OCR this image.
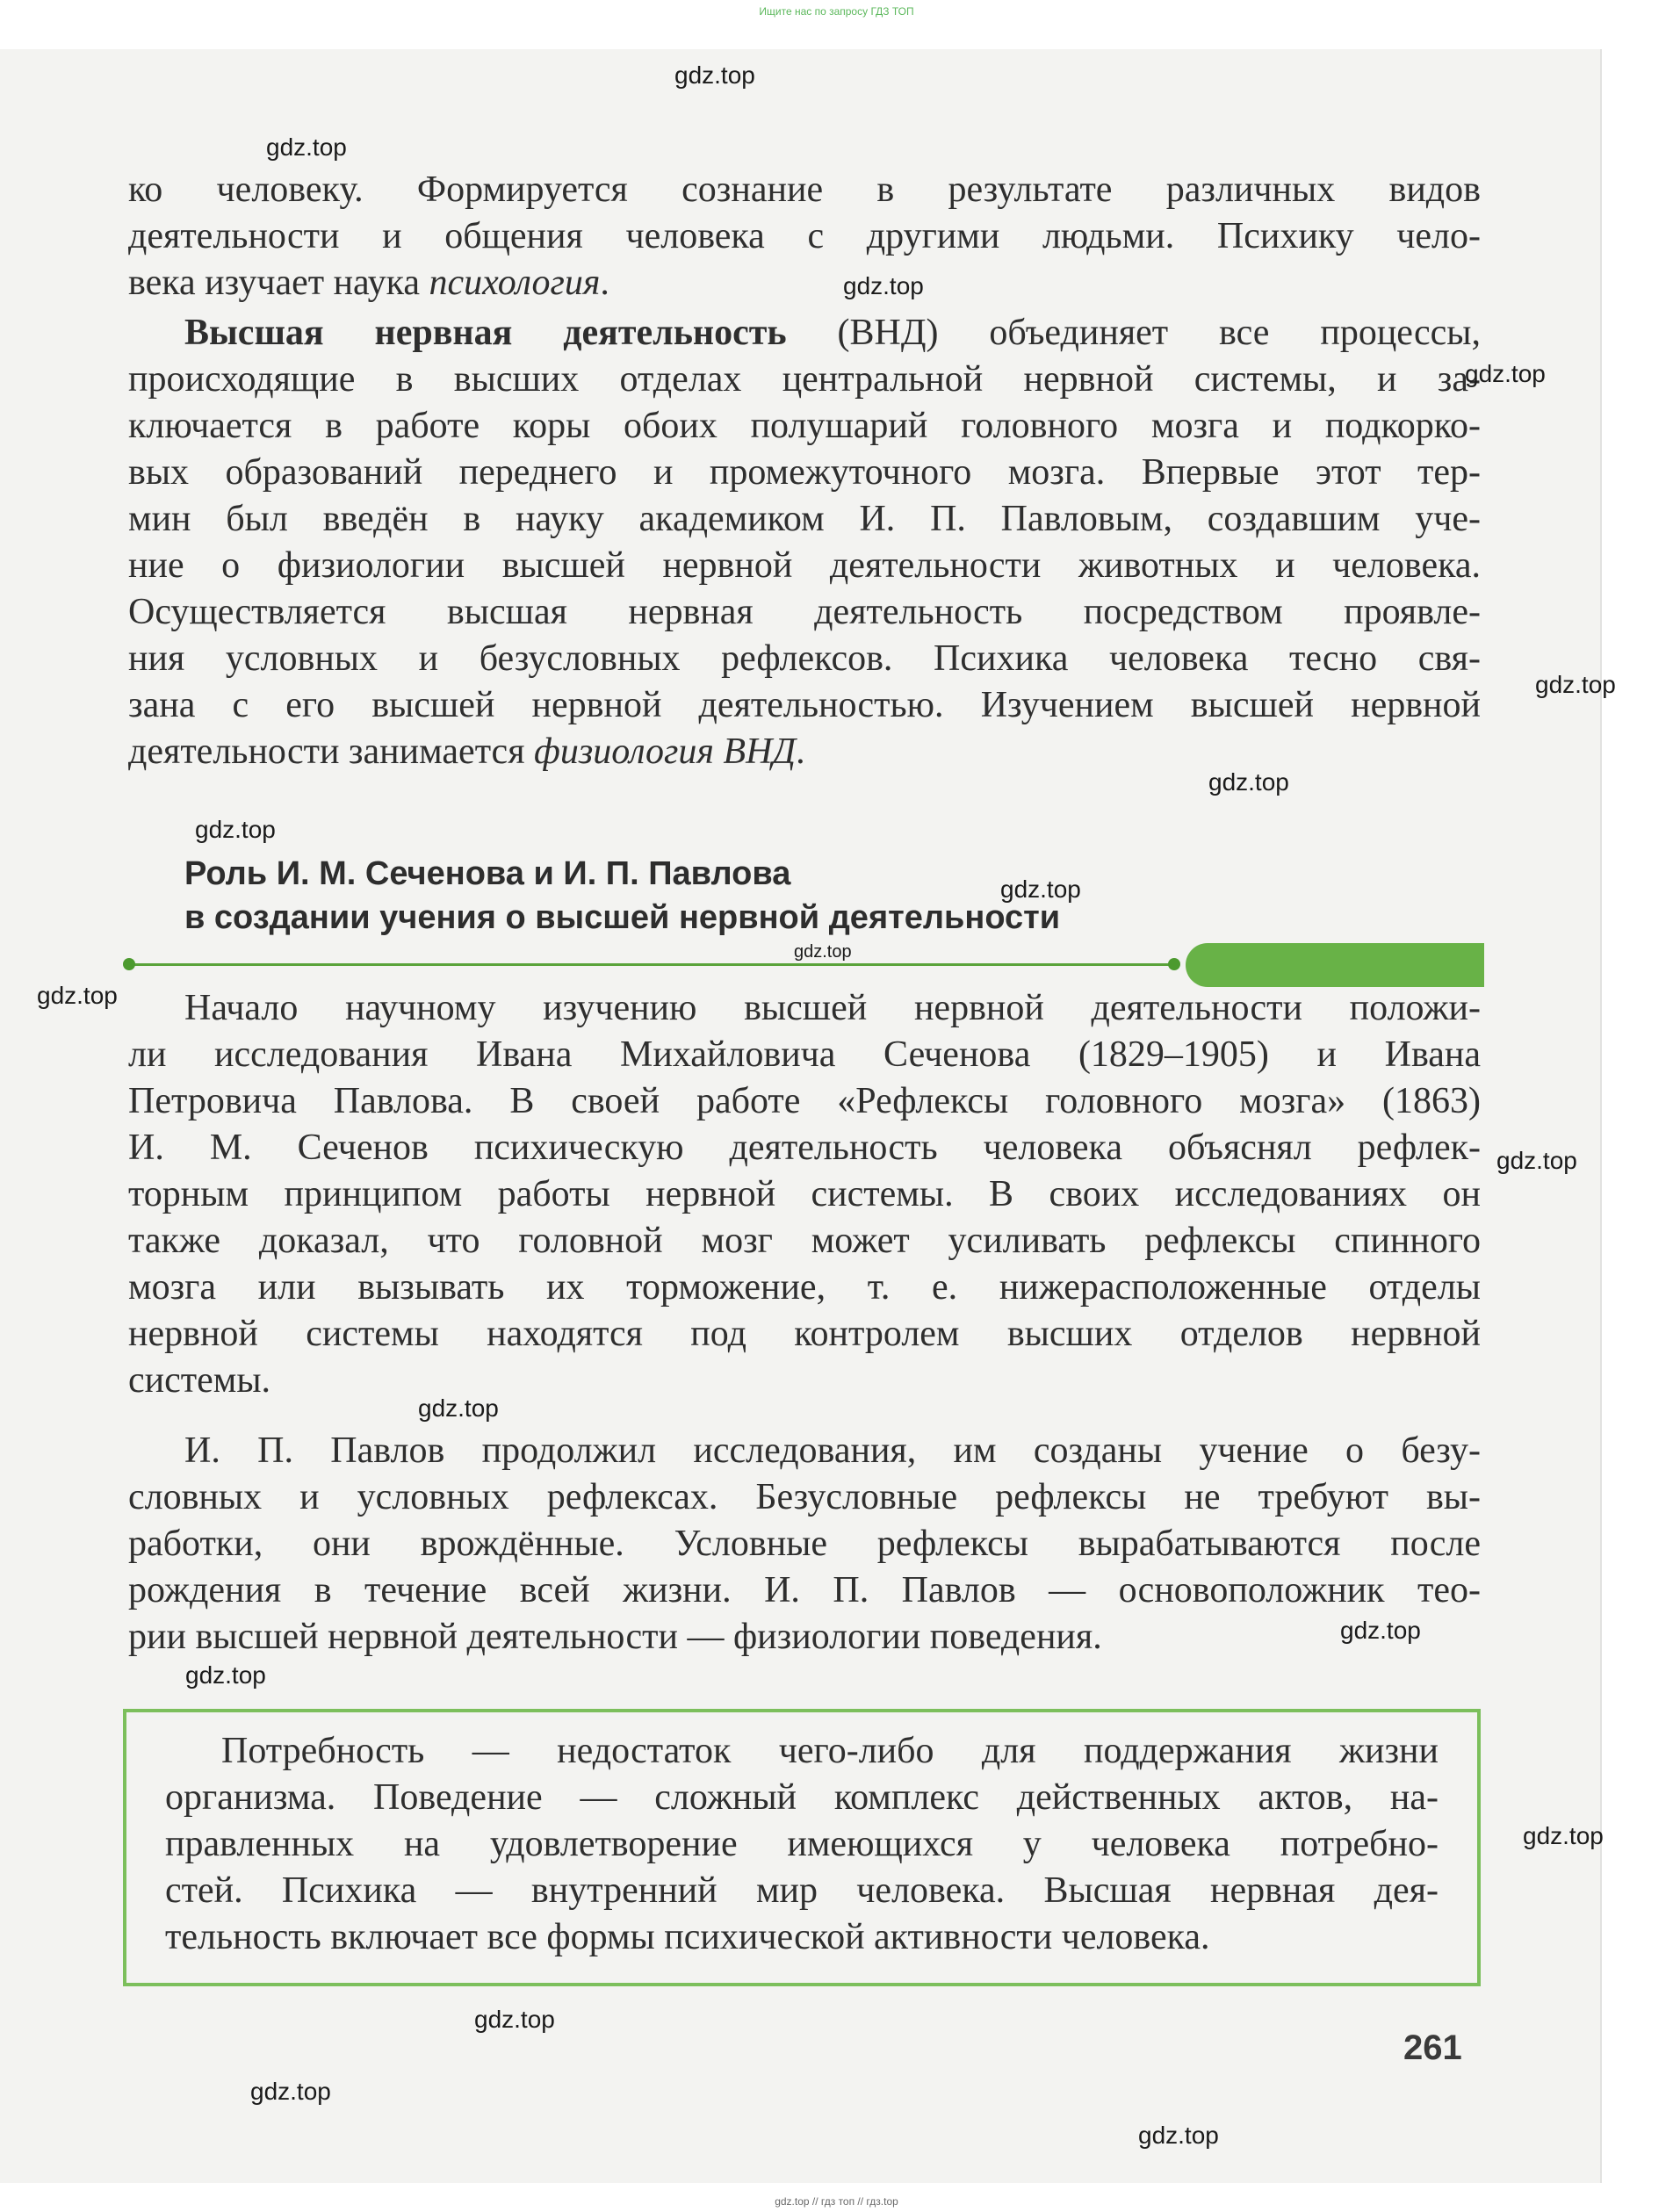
Ищите нас по запросу ГДЗ ТОП
ко человеку. Формируется сознание в результате различных видов
деятельности и общения человека с другими людьми. Психику чело-
века изучает наука психология.
Высшая нервная деятельность (ВНД) объединяет все процессы,
происходящие в высших отделах центральной нервной системы, и за-
ключается в работе коры обоих полушарий головного мозга и подкорко-
вых образований переднего и промежуточного мозга. Впервые этот тер-
мин был введён в науку академиком И. П. Павловым, создавшим уче-
ние о физиологии высшей нервной деятельности животных и человека.
Осуществляется высшая нервная деятельность посредством проявле-
ния условных и безусловных рефлексов. Психика человека тесно свя-
зана с его высшей нервной деятельностью. Изучением высшей нервной
деятельности занимается физиология ВНД.
Роль И. М. Сеченова и И. П. Павлова
в создании учения о высшей нервной деятельности
Начало научному изучению высшей нервной деятельности положи-
ли исследования Ивана Михайловича Сеченова (1829–1905) и Ивана
Петровича Павлова. В своей работе «Рефлексы головного мозга» (1863)
И. М. Сеченов психическую деятельность человека объяснял рефлек-
торным принципом работы нервной системы. В своих исследованиях он
также доказал, что головной мозг может усиливать рефлексы спинного
мозга или вызывать их торможение, т. е. нижерасположенные отделы
нервной системы находятся под контролем высших отделов нервной
системы.
И. П. Павлов продолжил исследования, им созданы учение о безу-
словных и условных рефлексах. Безусловные рефлексы не требуют вы-
работки, они врождённые. Условные рефлексы вырабатываются после
рождения в течение всей жизни. И. П. Павлов — основоположник тео-
рии высшей нервной деятельности — физиологии поведения.
Потребность — недостаток чего-либо для поддержания жизни
организма. Поведение — сложный комплекс действенных актов, на-
правленных на удовлетворение имеющихся у человека потребно-
стей. Психика — внутренний мир человека. Высшая нервная дея-
тельность включает все формы психической активности человека.
261
gdz.top
gdz.top
gdz.top
gdz.top
gdz.top
gdz.top
gdz.top
gdz.top
gdz.top
gdz.top
gdz.top
gdz.top
gdz.top
gdz.top
gdz.top
gdz.top
gdz.top
gdz.top
gdz.top // гдз топ // гдз.top
